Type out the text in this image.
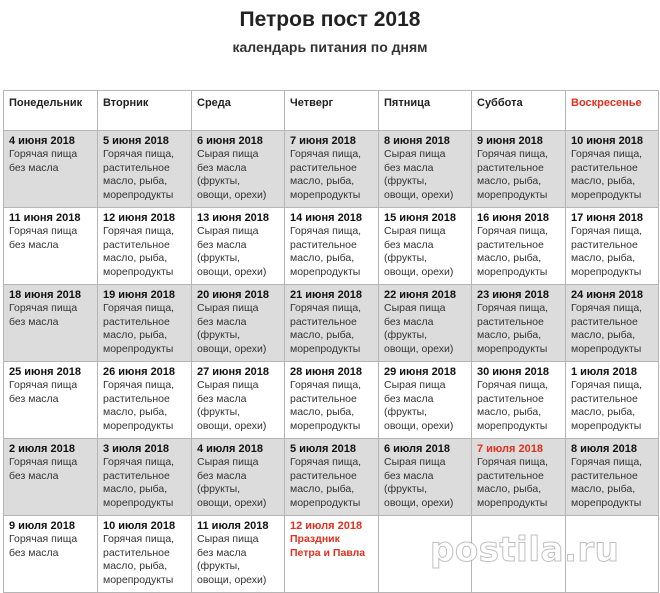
Петров пост 2018
календарь питания по дням
Понедельник	Вторник	Среда	Четверг	Пятница	Суббота	Воскресенье

4 июня 2018
Горячая пища
без масла	5 июня 2018
Горячая пища,
растительное
масло, рыба,
морепродукты	6 июня 2018
Сырая пища
без масла
(фрукты,
овощи, орехи)	7 июня 2018
Горячая пища,
растительное
масло, рыба,
морепродукты	8 июня 2018
Сырая пища
без масла
(фрукты,
овощи, орехи)	9 июня 2018
Горячая пища,
растительное
масло, рыба,
морепродукты	10 июня 2018
Горячая пища,
растительное
масло, рыба,
морепродукты

11 июня 2018
Горячая пища
без масла	12 июня 2018
Горячая пища,
растительное
масло, рыба,
морепродукты	13 июня 2018
Сырая пища
без масла
(фрукты,
овощи, орехи)	14 июня 2018
Горячая пища,
растительное
масло, рыба,
морепродукты	15 июня 2018
Сырая пища
без масла
(фрукты,
овощи, орехи)	16 июня 2018
Горячая пища,
растительное
масло, рыба,
морепродукты	17 июня 2018
Горячая пища,
растительное
масло, рыба,
морепродукты

18 июня 2018
Горячая пища
без масла	19 июня 2018
Горячая пища,
растительное
масло, рыба,
морепродукты	20 июня 2018
Сырая пища
без масла
(фрукты,
овощи, орехи)	21 июня 2018
Горячая пища,
растительное
масло, рыба,
морепродукты	22 июня 2018
Сырая пища
без масла
(фрукты,
овощи, орехи)	23 июня 2018
Горячая пища,
растительное
масло, рыба,
морепродукты	24 июня 2018
Горячая пища,
растительное
масло, рыба,
морепродукты

25 июня 2018
Горячая пища
без масла	26 июня 2018
Горячая пища,
растительное
масло, рыба,
морепродукты	27 июня 2018
Сырая пища
без масла
(фрукты,
овощи, орехи)	28 июня 2018
Горячая пища,
растительное
масло, рыба,
морепродукты	29 июня 2018
Сырая пища
без масла
(фрукты,
овощи, орехи)	30 июня 2018
Горячая пища,
растительное
масло, рыба,
морепродукты	1 июля 2018
Горячая пища,
растительное
масло, рыба,
морепродукты

2 июля 2018
Горячая пища
без масла	3 июля 2018
Горячая пища,
растительное
масло, рыба,
морепродукты	4 июля 2018
Сырая пища
без масла
(фрукты,
овощи, орехи)	5 июля 2018
Горячая пища,
растительное
масло, рыба,
морепродукты	6 июля 2018
Сырая пища
без масла
(фрукты,
овощи, орехи)	7 июля 2018
Горячая пища,
растительное
масло, рыба,
морепродукты	8 июля 2018
Горячая пища,
растительное
масло, рыба,
морепродукты

9 июля 2018
Горячая пища
без масла	10 июля 2018
Горячая пища,
растительное
масло, рыба,
морепродукты	11 июля 2018
Сырая пища
без масла
(фрукты,
овощи, орехи)	12 июля 2018
Праздник
Петра и Павла			
			postila.ru
